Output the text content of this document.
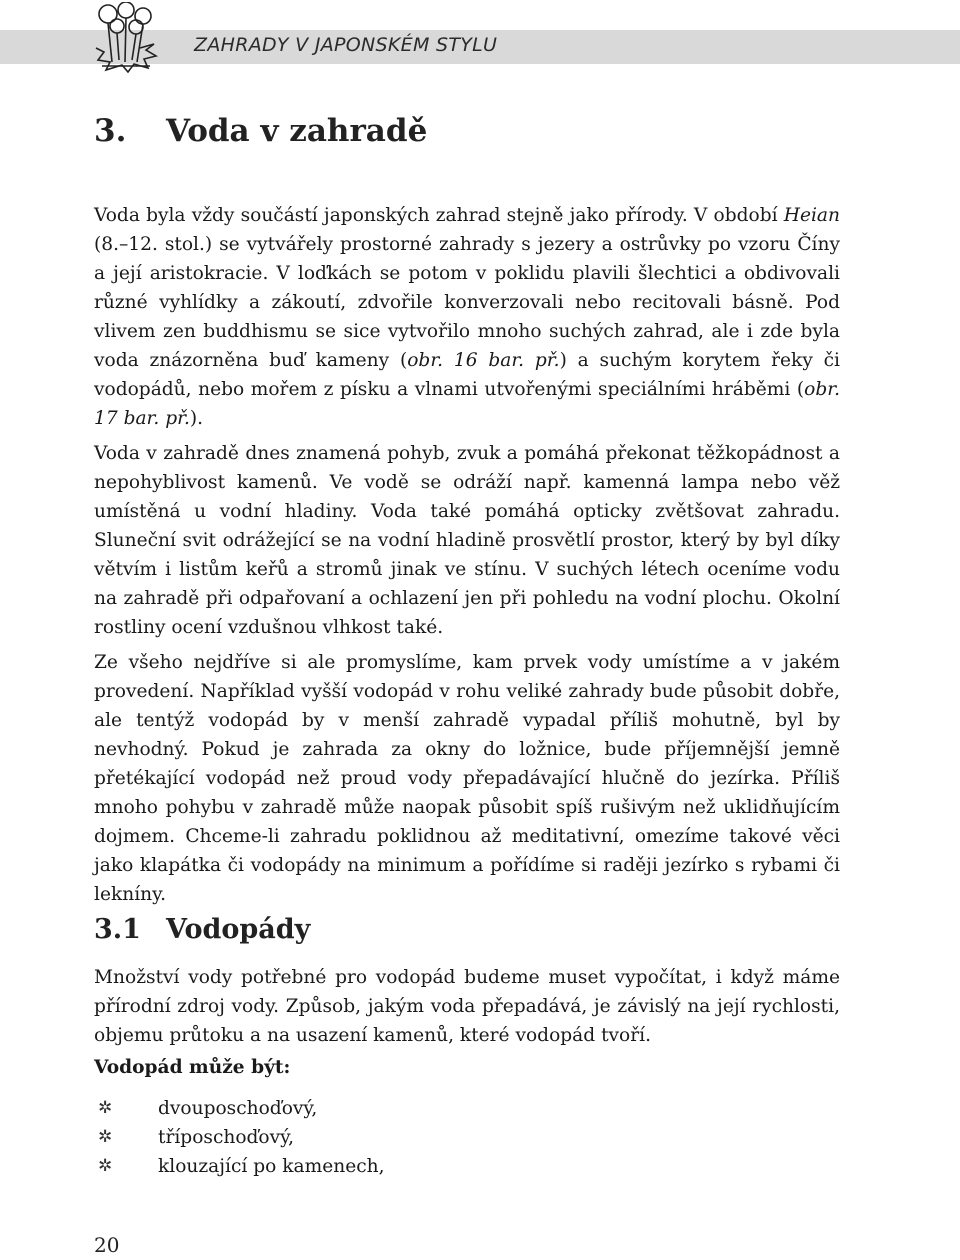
ZAHRADY V JAPONSKÉM STYLU
3. Voda v zahradě

Voda byla vždy součástí japonských zahrad stejně jako přírody. V období Heian (8.–12. stol.) se vytvářely prostorné zahrady s jezery a ostrůvky po vzoru Číny a její aristokracie. V loďkách se potom v poklidu plavili šlechtici a obdivovali různé vyhlídky a zákoutí, zdvořile konverzovali nebo recitovali básně. Pod vlivem zen buddhismu se sice vytvořilo mnoho suchých zahrad, ale i zde byla voda znázorněna buď kameny (obr. 16 bar. př.) a suchým korytem řeky či vodopádů, nebo mořem z písku a vlnami utvořenými speciálními hráběmi (obr. 17 bar. př.).

Voda v zahradě dnes znamená pohyb, zvuk a pomáhá překonat těžkopádnost a nepohyblivost kamenů. Ve vodě se odráží např. kamenná lampa nebo věž umístěná u vodní hladiny. Voda také pomáhá opticky zvětšovat zahradu. Sluneční svit odrážející se na vodní hladině prosvětlí prostor, který by byl díky větvím i listům keřů a stromů jinak ve stínu. V suchých létech oceníme vodu na zahradě při odpařovaní a ochlazení jen při pohledu na vodní plochu. Okolní rostliny ocení vzdušnou vlhkost také.

Ze všeho nejdříve si ale promyslíme, kam prvek vody umístíme a v jakém provedení. Například vyšší vodopád v rohu veliké zahrady bude působit dobře, ale tentýž vodopád by v menší zahradě vypadal příliš mohutně, byl by nevhodný. Pokud je zahrada za okny do ložnice, bude příjemnější jemně přetékající vodopád než proud vody přepadávající hlučně do jezírka. Příliš mnoho pohybu v zahradě může naopak působit spíš rušivým než uklidňujícím dojmem. Chceme-li zahradu poklidnou až meditativní, omezíme takové věci jako klapátka či vodopády na minimum a pořídíme si raději jezírko s rybami či lekníny.

3.1 Vodopády

Množství vody potřebné pro vodopád budeme muset vypočítat, i když máme přírodní zdroj vody. Způsob, jakým voda přepadává, je závislý na její rychlosti, objemu průtoku a na usazení kamenů, které vodopád tvoří.

Vodopád může být:
✲ dvouposchoďový,
✲ tříposchoďový,
✲ klouzající po kamenech,
20
